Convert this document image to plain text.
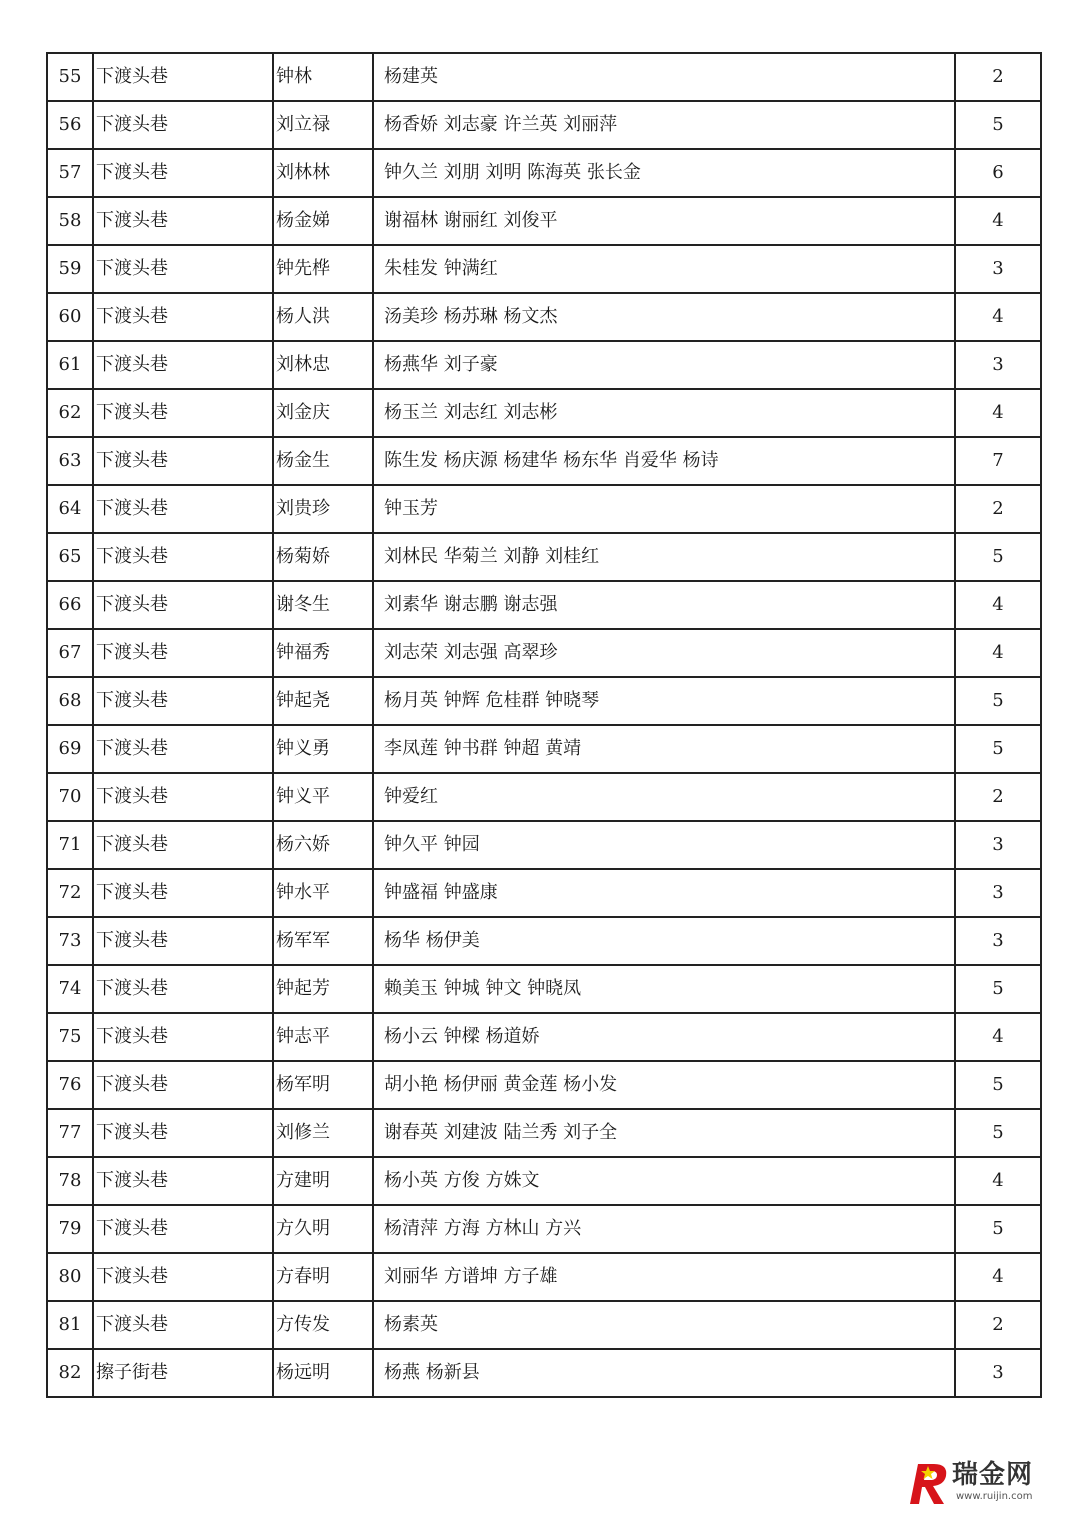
55	下渡头巷	钟林	杨建英	2
56	下渡头巷	刘立禄	杨香娇 刘志豪 许兰英 刘丽萍	5
57	下渡头巷	刘林林	钟久兰 刘朋 刘明 陈海英 张长金	6
58	下渡头巷	杨金娣	谢福林 谢丽红 刘俊平	4
59	下渡头巷	钟先桦	朱桂发 钟满红	3
60	下渡头巷	杨人洪	汤美珍 杨苏琳 杨文杰	4
61	下渡头巷	刘林忠	杨燕华 刘子豪	3
62	下渡头巷	刘金庆	杨玉兰 刘志红 刘志彬	4
63	下渡头巷	杨金生	陈生发 杨庆源 杨建华 杨东华 肖爱华 杨诗	7
64	下渡头巷	刘贵珍	钟玉芳	2
65	下渡头巷	杨菊娇	刘林民 华菊兰 刘静 刘桂红	5
66	下渡头巷	谢冬生	刘素华 谢志鹏 谢志强	4
67	下渡头巷	钟福秀	刘志荣 刘志强 高翠珍	4
68	下渡头巷	钟起尧	杨月英 钟辉 危桂群 钟晓琴	5
69	下渡头巷	钟义勇	李凤莲 钟书群 钟超 黄靖	5
70	下渡头巷	钟义平	钟爱红	2
71	下渡头巷	杨六娇	钟久平 钟园	3
72	下渡头巷	钟水平	钟盛福 钟盛康	3
73	下渡头巷	杨军军	杨华 杨伊美	3
74	下渡头巷	钟起芳	赖美玉 钟城 钟文 钟晓凤	5
75	下渡头巷	钟志平	杨小云 钟樑 杨道娇	4
76	下渡头巷	杨军明	胡小艳 杨伊丽 黄金莲 杨小发	5
77	下渡头巷	刘修兰	谢春英 刘建波 陆兰秀 刘子全	5
78	下渡头巷	方建明	杨小英 方俊 方姝文	4
79	下渡头巷	方久明	杨清萍 方海 方林山 方兴	5
80	下渡头巷	方春明	刘丽华 方谱坤 方子雄	4
81	下渡头巷	方传发	杨素英	2
82	擦子街巷	杨远明	杨燕 杨新县	3
瑞金网
www.ruijin.com
